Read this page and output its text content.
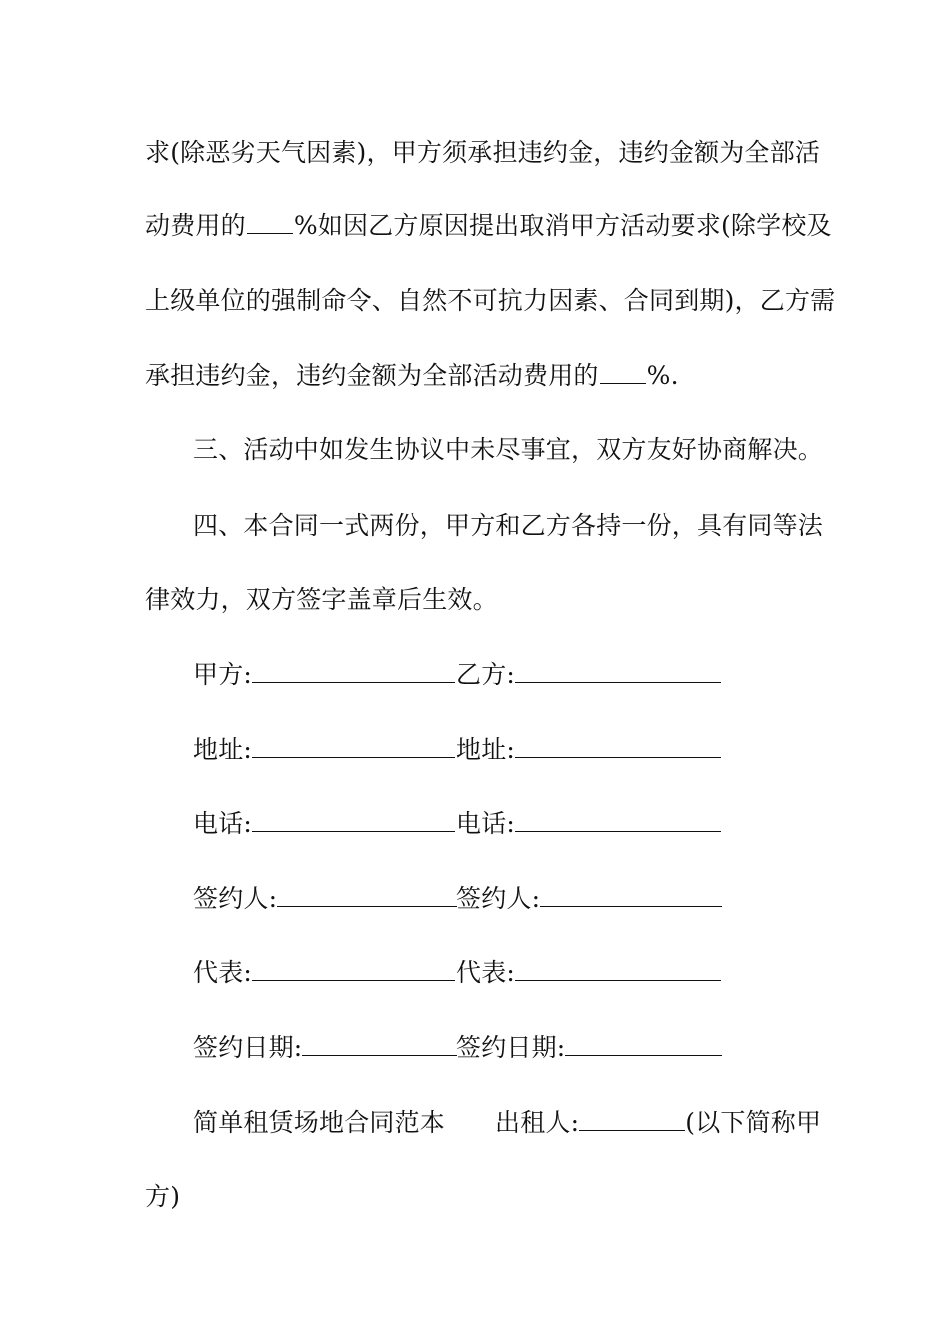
求(除恶劣天气因素)，甲方须承担违约金，违约金额为全部活
动费用的 %如因乙方原因提出取消甲方活动要求(除学校及
上级单位的强制命令、自然不可抗力因素、合同到期)，乙方需
承担违约金，违约金额为全部活动费用的 %.
三、活动中如发生协议中未尽事宜，双方友好协商解决。
四、本合同一式两份，甲方和乙方各持一份，具有同等法
律效力，双方签字盖章后生效。
甲方:	乙方:
地址:	地址:
电话:	电话:
签约人:	签约人:
代表:	代表:
签约日期:	签约日期:
简单租赁场地合同范本 出租人:	(以下简称甲
方)
